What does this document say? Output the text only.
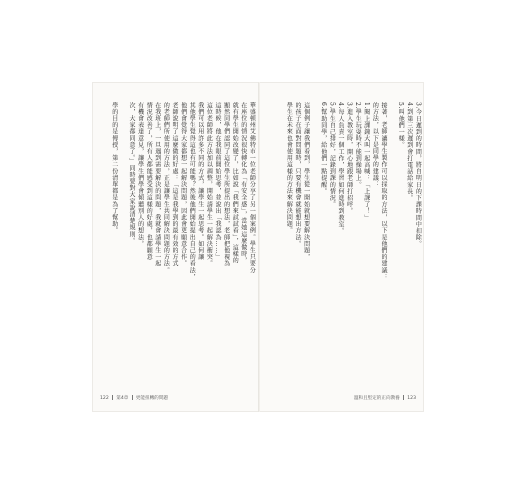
華盛頓州艾佛特市一位老師分享了另一個案例。學生只要分
在座位的情況很快轉化為「有安全感」，當她這麼做時，
就有學生開始改變了，比如說「我們來試試看」，這樣的
顯然同學們認同了這位學生所提出的想法，老師把他視為
這時候，他在我眼前開始思考，並說出「我認為……」
這位老師將此方法加以調整，開始請學生一起解決衝突。
我們可以用許多不同的方式，讓學生一起思考。如何讓
其他學生覺得這也有可能嗎？然後他們開始提出自己的看法，
他們會覺得大家都想一起解決問題，因此會更願意合作。
老師說明了這麼做的好處：「這是我學到的最有效的方式
的老師們所使用的方法，正是讓學生共同解決問題的方法。
在我班上，一旦遇到需要解決的問題，我就會請學生一起
情況改善了，所有人都能感受到這樣的好處，也都願意
有機會表達意見，讓學生們學會傾聽別人的想法。
次，大家都同意了。」同時要對大家說清楚規則。
學的目的是傳授，第二份清單都是為了幫助。
122 第4章 更能扭轉的問題
3.今日遲到的時間，將自明日的下課時間中扣除。
4.到第三次遲到會打電話給家長。
5.叫他們一樣。
接著，老師讓學生製作可以採取的方法，以下是他們的建議：
的方法，以下是同學的建議：
1.閱上課鐘大叫一起高喊：「上課了！」
2.學生玩耍時不能到操場上。
3.進入教室時，開心地跟老師打招呼。
4.每人負責一個工作，學習如何進時到教室。
5.學生自己排好，記錄到課的情況。
6.幫助同學，給他們一點提醒。
這個例子讓我們看到，學生從一開始就想要解決問題，
的孩子在面對問題時，只要有機會就能想出方法。
學生在未來也會使用這樣的方法來解決問題。
溫和且堅定的正向教養 123
